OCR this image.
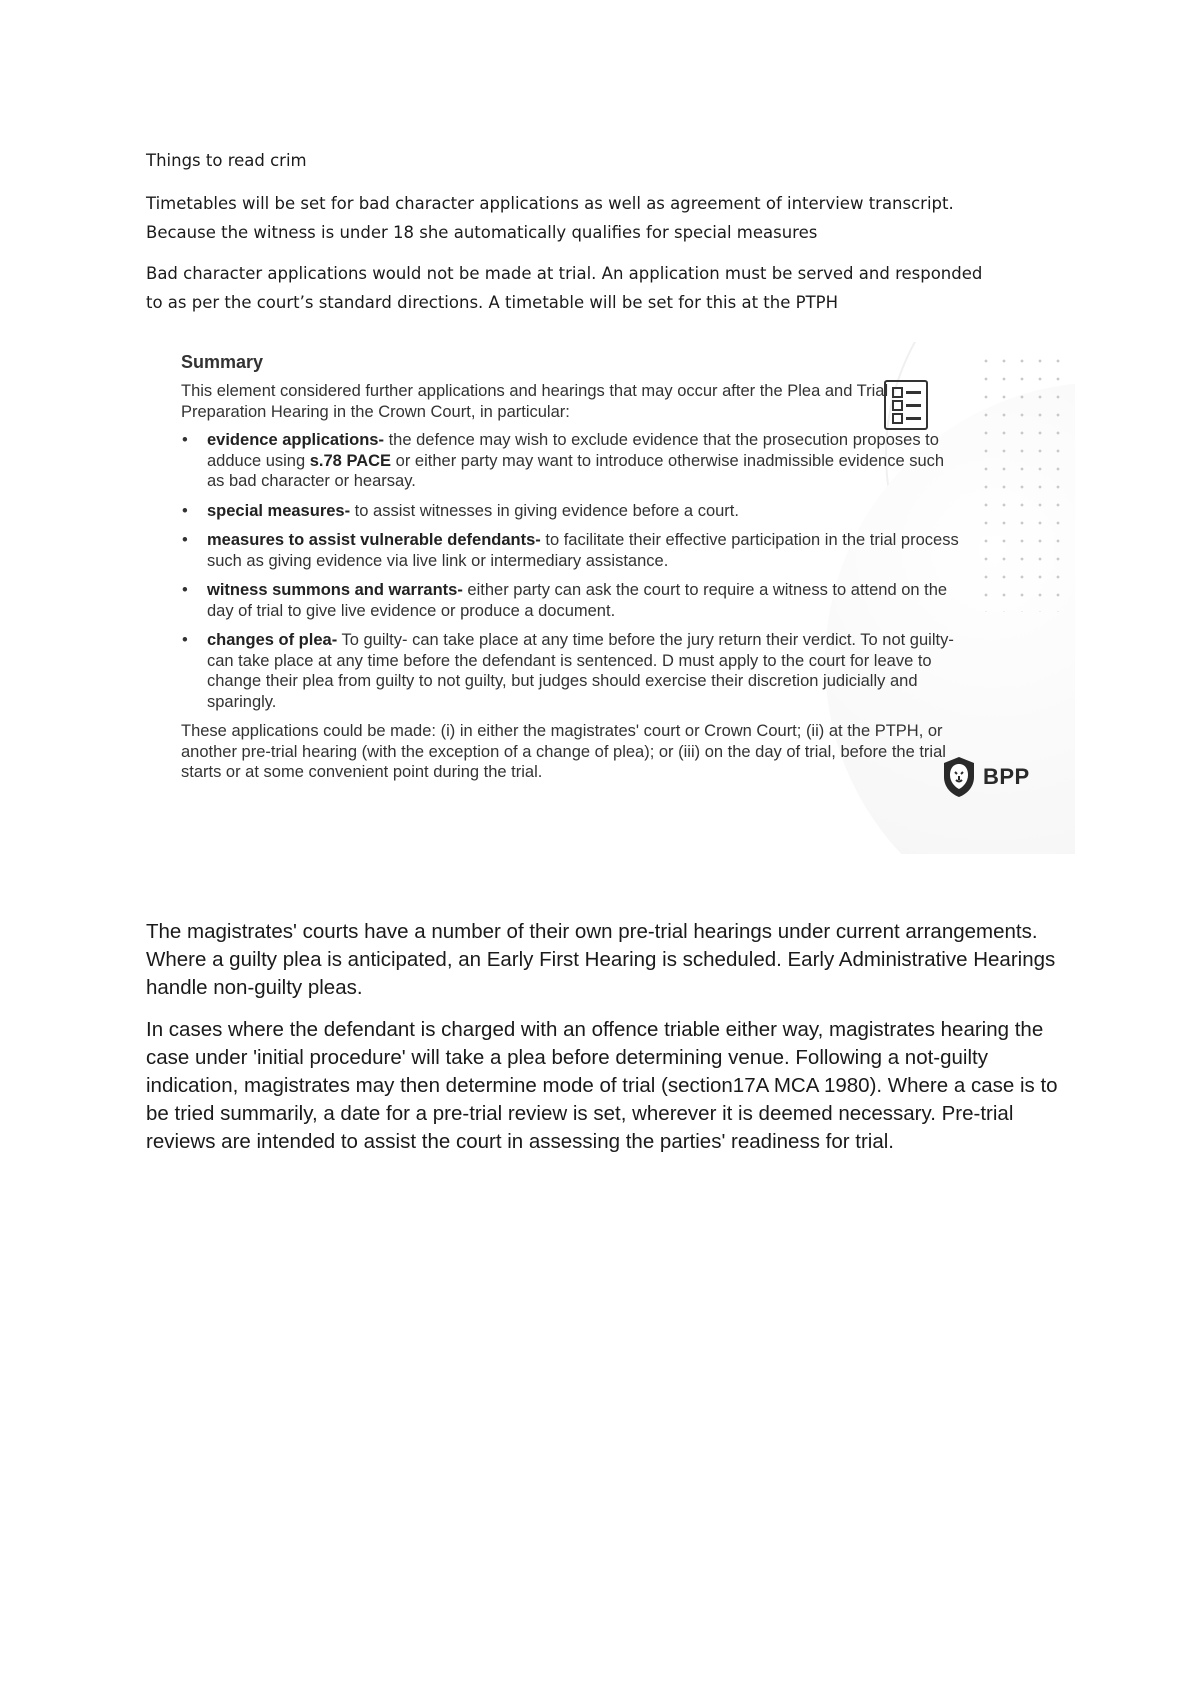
Things to read crim

Timetables will be set for bad character applications as well as agreement of interview transcript.
Because the witness is under 18 she automatically qualifies for special measures

Bad character applications would not be made at trial. An application must be served and responded
to as per the court’s standard directions. A timetable will be set for this at the PTPH

Summary

This element considered further applications and hearings that may occur after the Plea and Trial Preparation Hearing in the Crown Court, in particular:

• evidence applications- the defence may wish to exclude evidence that the prosecution proposes to adduce using s.78 PACE or either party may want to introduce otherwise inadmissible evidence such as bad character or hearsay.
• special measures- to assist witnesses in giving evidence before a court.
• measures to assist vulnerable defendants- to facilitate their effective participation in the trial process such as giving evidence via live link or intermediary assistance.
• witness summons and warrants- either party can ask the court to require a witness to attend on the day of trial to give live evidence or produce a document.
• changes of plea- To guilty- can take place at any time before the jury return their verdict. To not guilty- can take place at any time before the defendant is sentenced. D must apply to the court for leave to change their plea from guilty to not guilty, but judges should exercise their discretion judicially and sparingly.

These applications could be made: (i) in either the magistrates' court or Crown Court; (ii) at the PTPH, or another pre-trial hearing (with the exception of a change of plea); or (iii) on the day of trial, before the trial starts or at some convenient point during the trial.	BPP

The magistrates' courts have a number of their own pre-trial hearings under current arrangements. Where a guilty plea is anticipated, an Early First Hearing is scheduled. Early Administrative Hearings handle non-guilty pleas.

In cases where the defendant is charged with an offence triable either way, magistrates hearing the case under 'initial procedure' will take a plea before determining venue. Following a not-guilty indication, magistrates may then determine mode of trial (section17A MCA 1980). Where a case is to be tried summarily, a date for a pre-trial review is set, wherever it is deemed necessary. Pre-trial reviews are intended to assist the court in assessing the parties' readiness for trial.
